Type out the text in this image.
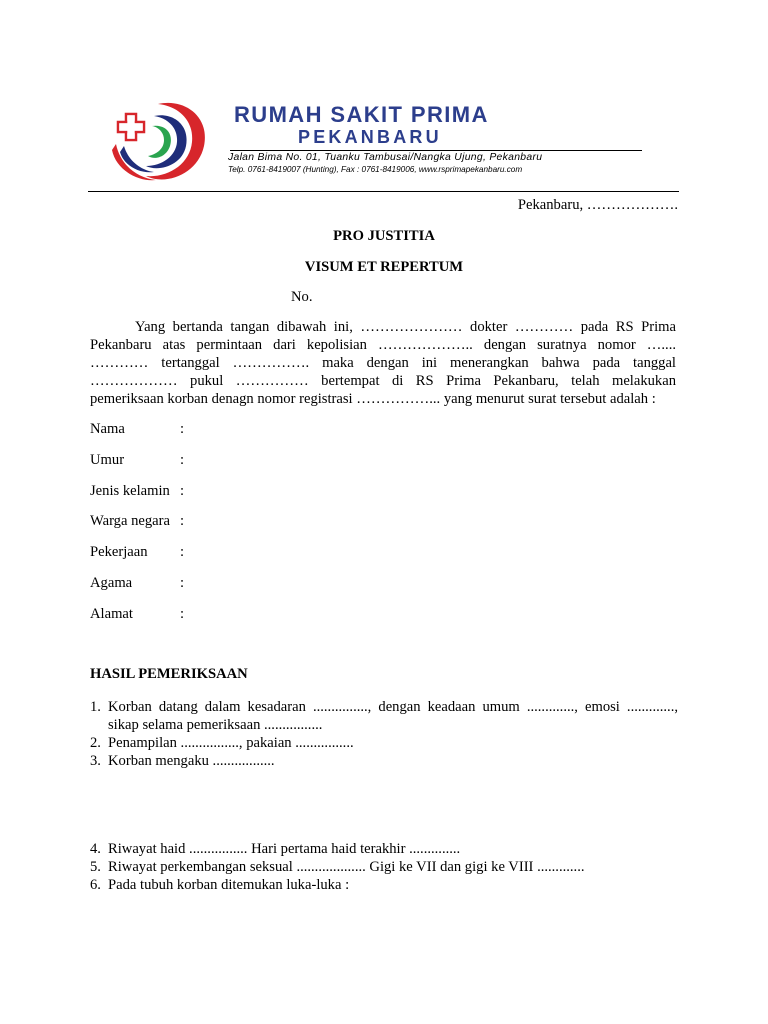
RUMAH SAKIT PRIMA
PEKANBARU
Jalan Bima No. 01, Tuanku Tambusai/Nangka Ujung, Pekanbaru
Telp. 0761-8419007 (Hunting), Fax : 0761-8419006, www.rsprimapekanbaru.com
Pekanbaru, ……………….
PRO JUSTITIA
VISUM ET REPERTUM
No.
Yang bertanda tangan dibawah ini, ………………… dokter ………… pada RS Prima
Pekanbaru atas permintaan dari kepolisian ……………….. dengan suratnya nomor …....
………… tertanggal ……………. maka dengan ini menerangkan bahwa pada tanggal
……………… pukul …………… bertempat di RS Prima Pekanbaru, telah melakukan
pemeriksaan korban denagn nomor registrasi ……………... yang menurut surat tersebut adalah :
Nama	:
Umur	:
Jenis kelamin :
Warga negara :
Pekerjaan :
Agama	:
Alamat	:
HASIL PEMERIKSAAN
1. Korban datang dalam kesadaran ..............., dengan keadaan umum ............., emosi .............,
sikap selama pemeriksaan ................
2. Penampilan ................, pakaian ................
3. Korban mengaku .................
4. Riwayat haid ................ Hari pertama haid terakhir ..............
5. Riwayat perkembangan seksual ................... Gigi ke VII dan gigi ke VIII .............
6. Pada tubuh korban ditemukan luka-luka :
